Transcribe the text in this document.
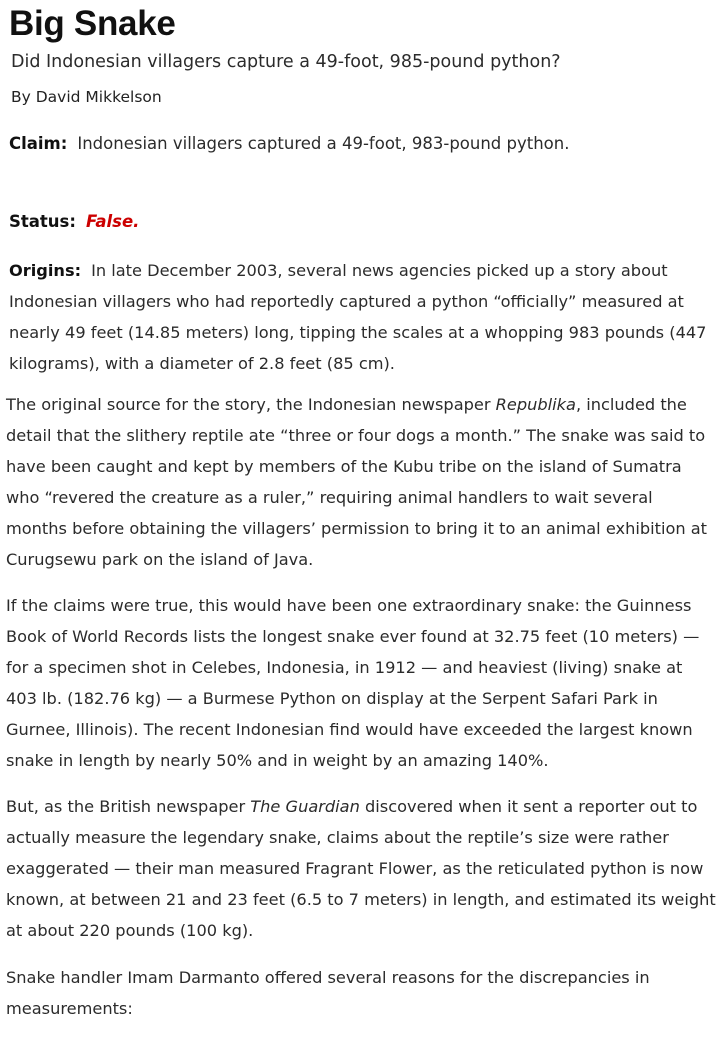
Big Snake
Did Indonesian villagers capture a 49-foot, 985-pound python?
By David Mikkelson
Claim: Indonesian villagers captured a 49-foot, 983-pound python.
Status: False.
Origins: In late December 2003, several news agencies picked up a story about
Indonesian villagers who had reportedly captured a python “officially” measured at
nearly 49 feet (14.85 meters) long, tipping the scales at a whopping 983 pounds (447
kilograms), with a diameter of 2.8 feet (85 cm).
The original source for the story, the Indonesian newspaper Republika, included the
detail that the slithery reptile ate “three or four dogs a month.” The snake was said to
have been caught and kept by members of the Kubu tribe on the island of Sumatra
who “revered the creature as a ruler,” requiring animal handlers to wait several
months before obtaining the villagers’ permission to bring it to an animal exhibition at
Curugsewu park on the island of Java.
If the claims were true, this would have been one extraordinary snake: the Guinness
Book of World Records lists the longest snake ever found at 32.75 feet (10 meters) —
for a specimen shot in Celebes, Indonesia, in 1912 — and heaviest (living) snake at
403 lb. (182.76 kg) — a Burmese Python on display at the Serpent Safari Park in
Gurnee, Illinois). The recent Indonesian find would have exceeded the largest known
snake in length by nearly 50% and in weight by an amazing 140%.
But, as the British newspaper The Guardian discovered when it sent a reporter out to
actually measure the legendary snake, claims about the reptile’s size were rather
exaggerated — their man measured Fragrant Flower, as the reticulated python is now
known, at between 21 and 23 feet (6.5 to 7 meters) in length, and estimated its weight
at about 220 pounds (100 kg).
Snake handler Imam Darmanto offered several reasons for the discrepancies in
measurements:
